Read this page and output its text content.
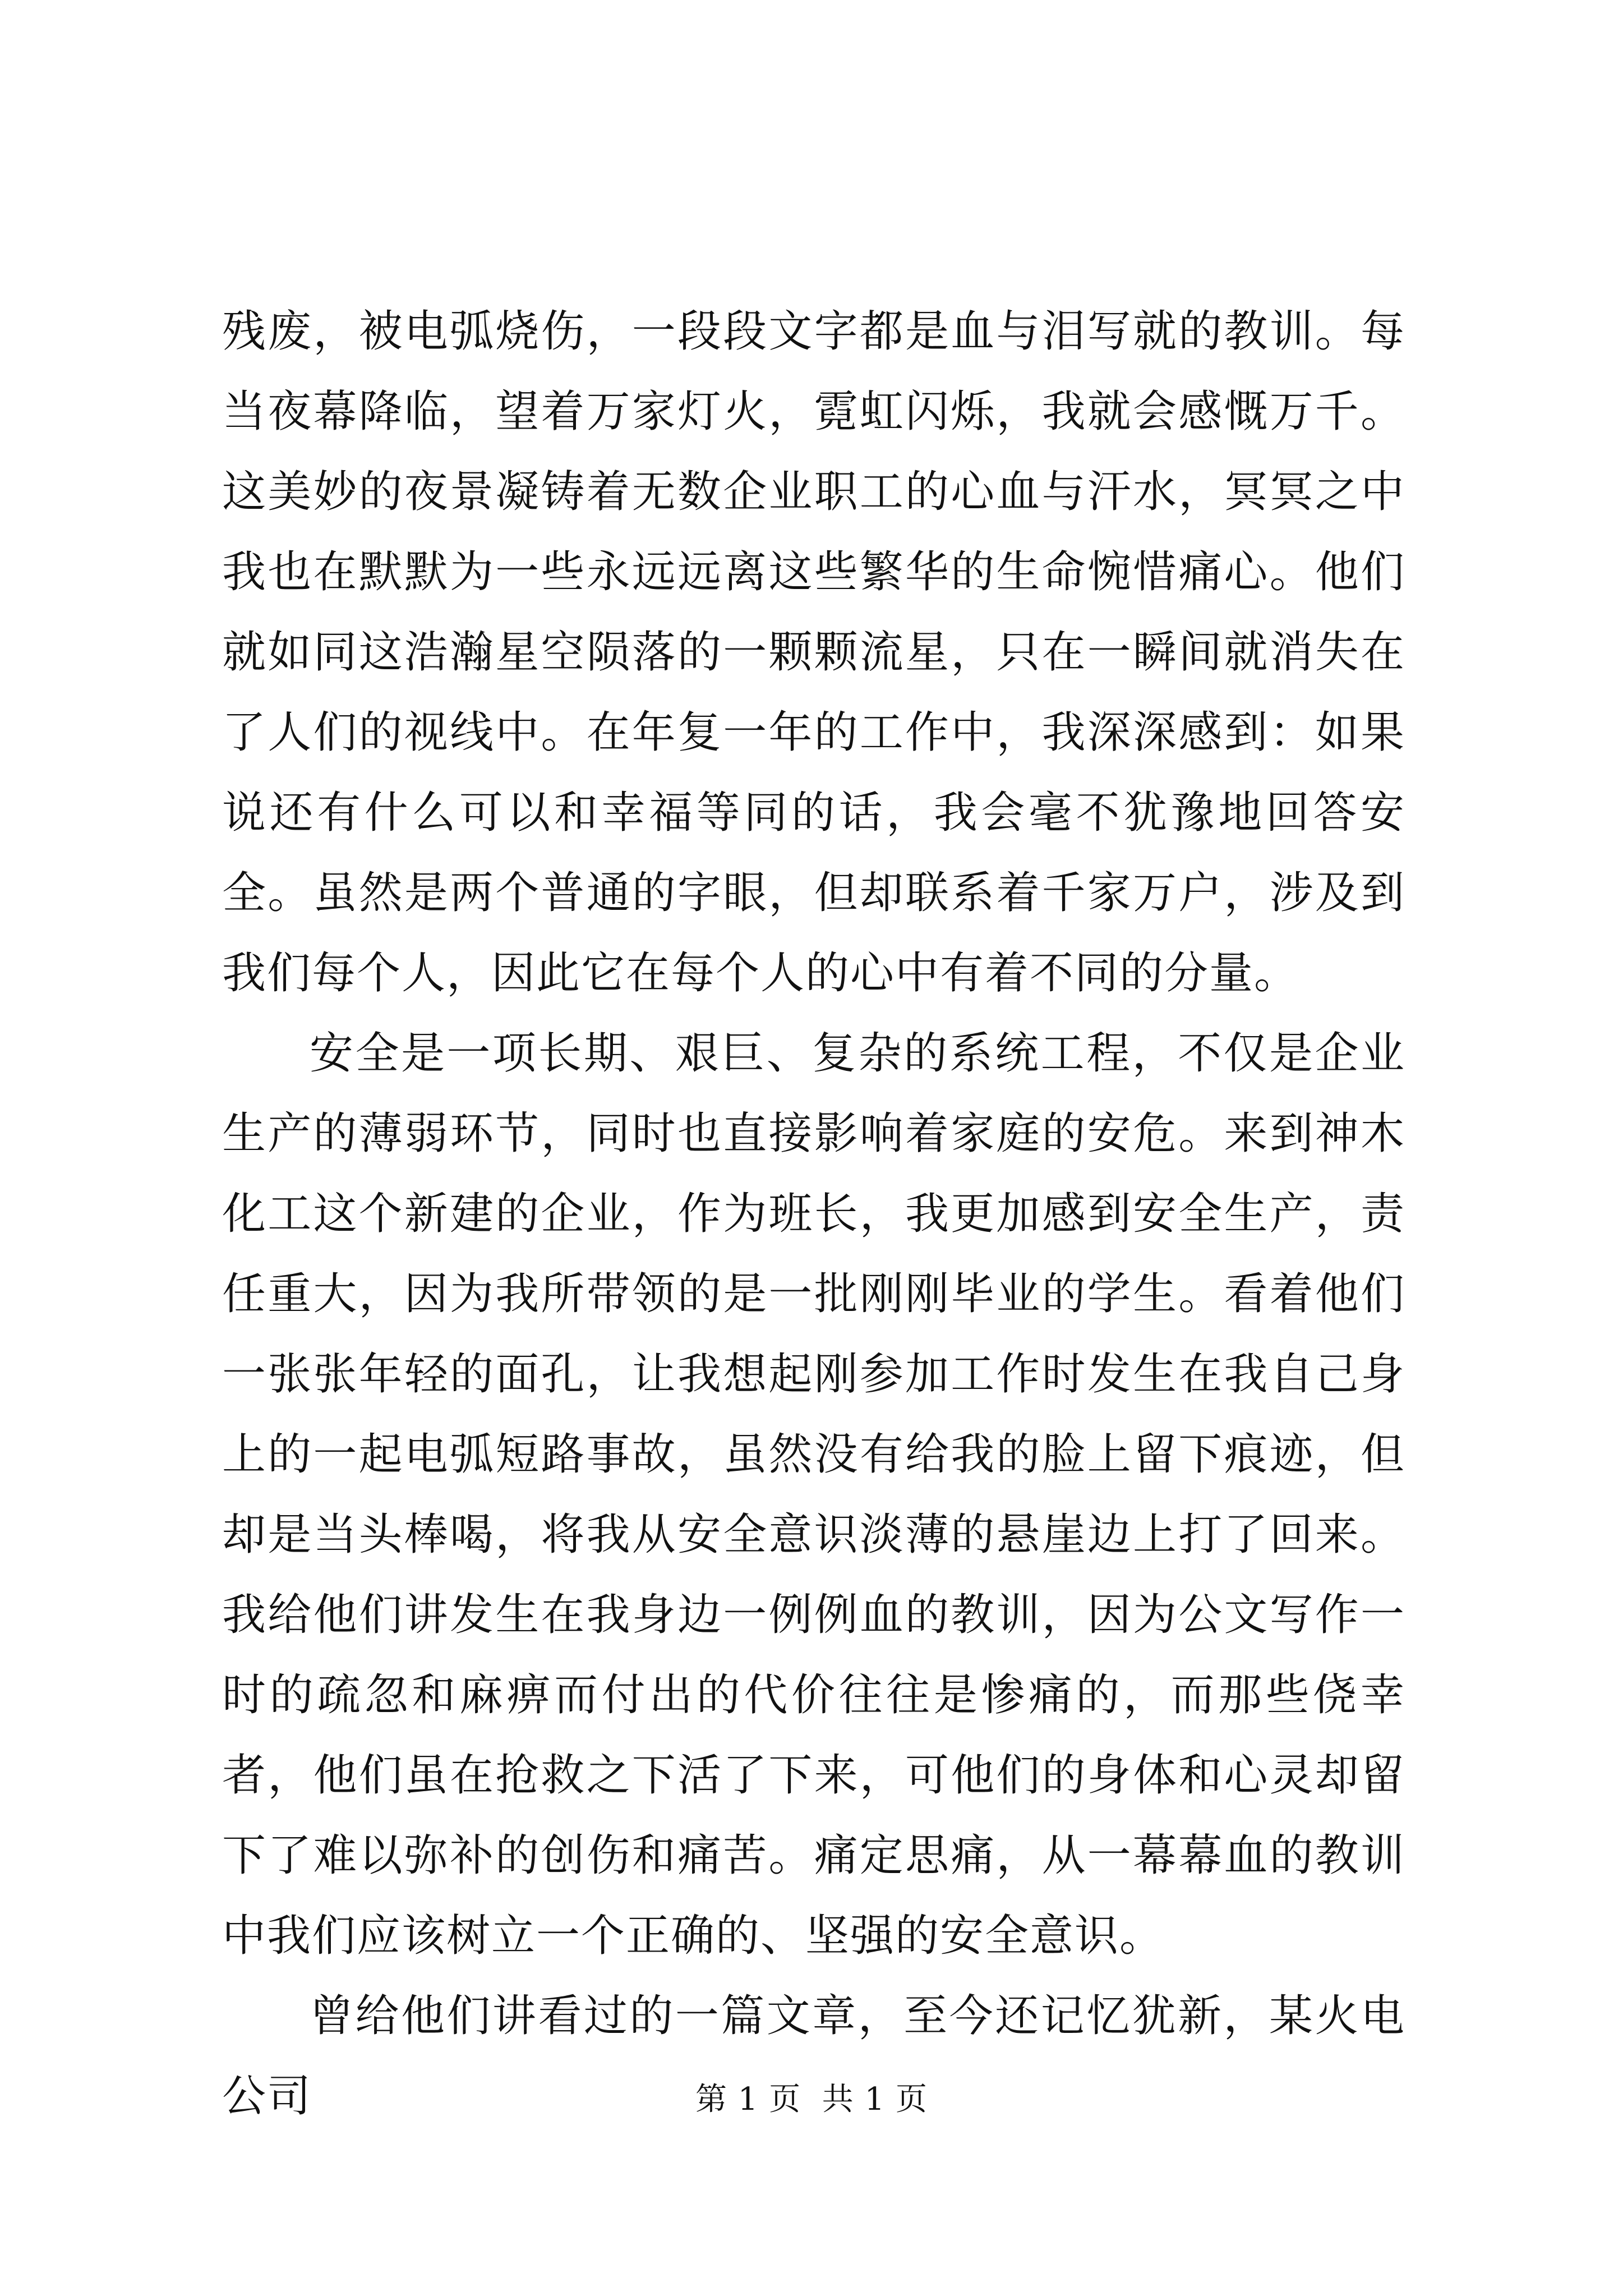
残废，被电弧烧伤，一段段文字都是血与泪写就的教训。每当夜幕降临，望着万家灯火，霓虹闪烁，我就会感慨万千。这美妙的夜景凝铸着无数企业职工的心血与汗水，冥冥之中我也在默默为一些永远远离这些繁华的生命惋惜痛心。他们就如同这浩瀚星空陨落的一颗颗流星，只在一瞬间就消失在了人们的视线中。在年复一年的工作中，我深深感到：如果说还有什么可以和幸福等同的话，我会毫不犹豫地回答安全。虽然是两个普通的字眼，但却联系着千家万户，涉及到我们每个人，因此它在每个人的心中有着不同的分量。

安全是一项长期、艰巨、复杂的系统工程，不仅是企业生产的薄弱环节，同时也直接影响着家庭的安危。来到神木化工这个新建的企业，作为班长，我更加感到安全生产，责任重大，因为我所带领的是一批刚刚毕业的学生。看着他们一张张年轻的面孔，让我想起刚参加工作时发生在我自己身上的一起电弧短路事故，虽然没有给我的脸上留下痕迹，但却是当头棒喝，将我从安全意识淡薄的悬崖边上打了回来。我给他们讲发生在我身边一例例血的教训，因为公文写作一时的疏忽和麻痹而付出的代价往往是惨痛的，而那些侥幸者，他们虽在抢救之下活了下来，可他们的身体和心灵却留下了难以弥补的创伤和痛苦。痛定思痛，从一幕幕血的教训中我们应该树立一个正确的、坚强的安全意识。

曾给他们讲看过的一篇文章，至今还记忆犹新，某火电公司	第 1 页  共 1 页
